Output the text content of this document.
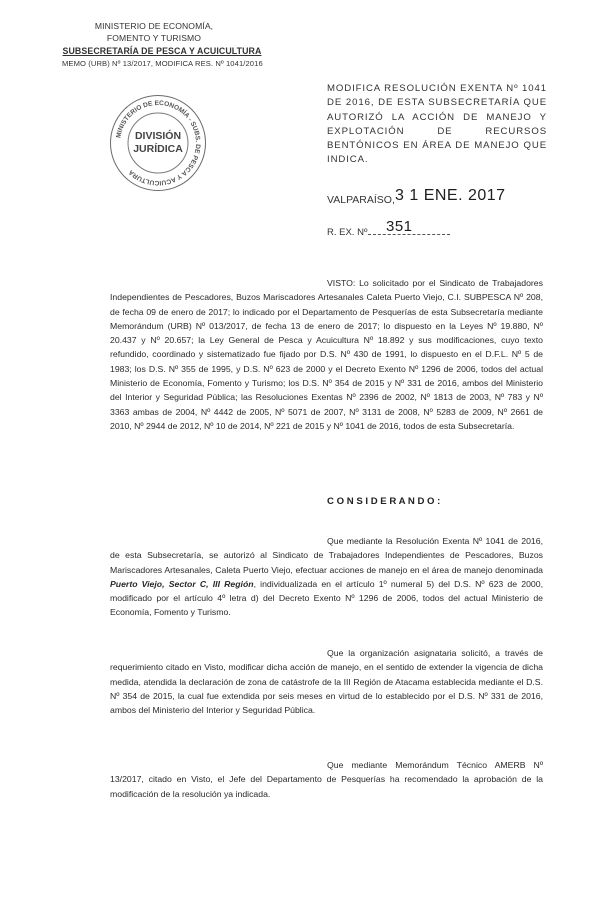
MINISTERIO DE ECONOMÍA,
FOMENTO Y TURISMO
SUBSECRETARÍA DE PESCA Y ACUICULTURA
MEMO (URB) Nº 13/2017, MODIFICA RES. Nº 1041/2016
MINISTERIO DE ECONOMÍA - SUBS. DE PESCA Y ACUICULTURA
DIVISIÓN
JURÍDICA
MODIFICA RESOLUCIÓN EXENTA Nº 1041 DE 2016, DE ESTA SUBSECRETARÍA QUE AUTORIZÓ LA ACCIÓN DE MANEJO Y EXPLOTACIÓN DE RECURSOS BENTÓNICOS EN ÁREA DE MANEJO QUE INDICA.
VALPARAÍSO, 3 1 ENE. 2017
R. EX. Nº 351
VISTO: Lo solicitado por el Sindicato de Trabajadores Independientes de Pescadores, Buzos Mariscadores Artesanales Caleta Puerto Viejo, C.I. SUBPESCA Nº 208, de fecha 09 de enero de 2017; lo indicado por el Departamento de Pesquerías de esta Subsecretaría mediante Memorándum (URB) Nº 013/2017, de fecha 13 de enero de 2017; lo dispuesto en la Leyes Nº 19.880, Nº 20.437 y Nº 20.657; la Ley General de Pesca y Acuicultura Nº 18.892 y sus modificaciones, cuyo texto refundido, coordinado y sistematizado fue fijado por D.S. Nº 430 de 1991, lo dispuesto en el D.F.L. Nº 5 de 1983; los D.S. Nº 355 de 1995, y D.S. Nº 623 de 2000 y el Decreto Exento Nº 1296 de 2006, todos del actual Ministerio de Economía, Fomento y Turismo; los D.S. Nº 354 de 2015 y Nº 331 de 2016, ambos del Ministerio del Interior y Seguridad Pública; las Resoluciones Exentas Nº 2396 de 2002, Nº 1813 de 2003, Nº 783 y Nº 3363 ambas de 2004, Nº 4442 de 2005, Nº 5071 de 2007, Nº 3131 de 2008, Nº 5283 de 2009, Nº 2661 de 2010, Nº 2944 de 2012, Nº 10 de 2014, Nº 221 de 2015 y Nº 1041 de 2016, todos de esta Subsecretaría.
C O N S I D E R A N D O :
Que mediante la Resolución Exenta Nº 1041 de 2016, de esta Subsecretaría, se autorizó al Sindicato de Trabajadores Independientes de Pescadores, Buzos Mariscadores Artesanales, Caleta Puerto Viejo, efectuar acciones de manejo en el área de manejo denominada Puerto Viejo, Sector C, III Región, individualizada en el artículo 1º numeral 5) del D.S. Nº 623 de 2000, modificado por el artículo 4º letra d) del Decreto Exento Nº 1296 de 2006, todos del actual Ministerio de Economía, Fomento y Turismo.
Que la organización asignataria solicitó, a través de requerimiento citado en Visto, modificar dicha acción de manejo, en el sentido de extender la vigencia de dicha medida, atendida la declaración de zona de catástrofe de la III Región de Atacama establecida mediante el D.S. Nº 354 de 2015, la cual fue extendida por seis meses en virtud de lo establecido por el D.S. Nº 331 de 2016, ambos del Ministerio del Interior y Seguridad Pública.
Que mediante Memorándum Técnico AMERB Nº 13/2017, citado en Visto, el Jefe del Departamento de Pesquerías ha recomendado la aprobación de la modificación de la resolución ya indicada.
